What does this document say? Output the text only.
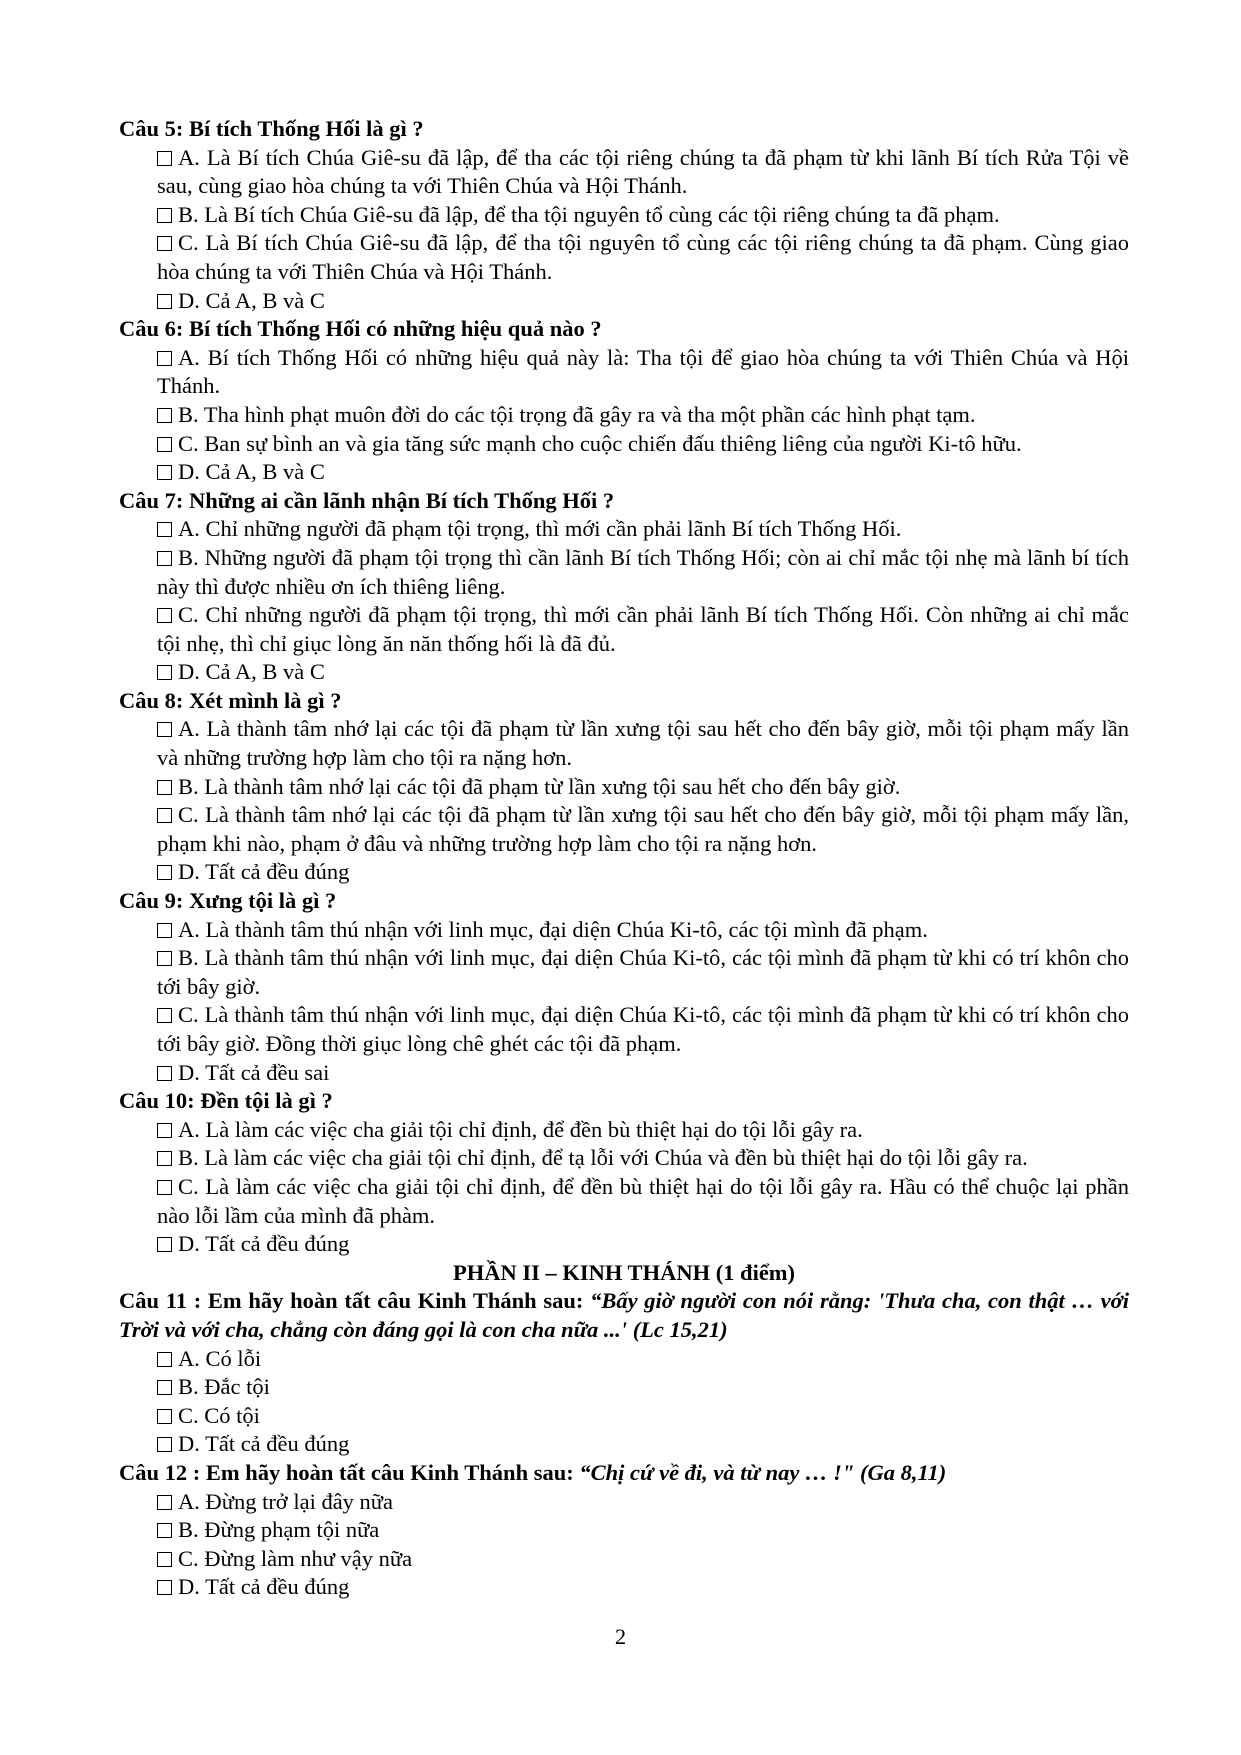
Câu 5: Bí tích Thống Hối là gì ?
A. Là Bí tích Chúa Giê-su đã lập, để tha các tội riêng chúng ta đã phạm từ khi lãnh Bí tích Rửa Tội về sau, cùng giao hòa chúng ta với Thiên Chúa và Hội Thánh.
B. Là Bí tích Chúa Giê-su đã lập, để tha tội nguyên tổ cùng các tội riêng chúng ta đã phạm.
C. Là Bí tích Chúa Giê-su đã lập, để tha tội nguyên tổ cùng các tội riêng chúng ta đã phạm. Cùng giao hòa chúng ta với Thiên Chúa và Hội Thánh.
D. Cả A, B và C
Câu 6: Bí tích Thống Hối có những hiệu quả nào ?
A. Bí tích Thống Hối có những hiệu quả này là: Tha tội để giao hòa chúng ta với Thiên Chúa và Hội Thánh.
B. Tha hình phạt muôn đời do các tội trọng đã gây ra và tha một phần các hình phạt tạm.
C. Ban sự bình an và gia tăng sức mạnh cho cuộc chiến đấu thiêng liêng của người Ki-tô hữu.
D. Cả A, B và C
Câu 7: Những ai cần lãnh nhận Bí tích Thống Hối ?
A. Chỉ những người đã phạm tội trọng, thì mới cần phải lãnh Bí tích Thống Hối.
B. Những người đã phạm tội trọng thì cần lãnh Bí tích Thống Hối; còn ai chỉ mắc tội nhẹ mà lãnh bí tích này thì được nhiều ơn ích thiêng liêng.
C. Chỉ những người đã phạm tội trọng, thì mới cần phải lãnh Bí tích Thống Hối. Còn những ai chỉ mắc tội nhẹ, thì chỉ giục lòng ăn năn thống hối là đã đủ.
D. Cả A, B và C
Câu 8: Xét mình là gì ?
A. Là thành tâm nhớ lại các tội đã phạm từ lần xưng tội sau hết cho đến bây giờ, mỗi tội phạm mấy lần và những trường hợp làm cho tội ra nặng hơn.
B. Là thành tâm nhớ lại các tội đã phạm từ lần xưng tội sau hết cho đến bây giờ.
C. Là thành tâm nhớ lại các tội đã phạm từ lần xưng tội sau hết cho đến bây giờ, mỗi tội phạm mấy lần, phạm khi nào, phạm ở đâu và những trường hợp làm cho tội ra nặng hơn.
D. Tất cả đều đúng
Câu 9: Xưng tội là gì ?
A. Là thành tâm thú nhận với linh mục, đại diện Chúa Ki-tô, các tội mình đã phạm.
B. Là thành tâm thú nhận với linh mục, đại diện Chúa Ki-tô, các tội mình đã phạm từ khi có trí khôn cho tới bây giờ.
C. Là thành tâm thú nhận với linh mục, đại diện Chúa Ki-tô, các tội mình đã phạm từ khi có trí khôn cho tới bây giờ. Đồng thời giục lòng chê ghét các tội đã phạm.
D. Tất cả đều sai
Câu 10: Đền tội là gì ?
A. Là làm các việc cha giải tội chỉ định, để đền bù thiệt hại do tội lỗi gây ra.
B. Là làm các việc cha giải tội chỉ định, để tạ lỗi với Chúa và đền bù thiệt hại do tội lỗi gây ra.
C. Là làm các việc cha giải tội chỉ định, để đền bù thiệt hại do tội lỗi gây ra. Hầu có thể chuộc lại phần nào lỗi lầm của mình đã phàm.
D. Tất cả đều đúng
PHẦN II – KINH THÁNH (1 điểm)
Câu 11 : Em hãy hoàn tất câu Kinh Thánh sau: “Bấy giờ người con nói rằng: 'Thưa cha, con thật … với Trời và với cha, chẳng còn đáng gọi là con cha nữa ...' (Lc 15,21)
A. Có lỗi
B. Đắc tội
C. Có tội
D. Tất cả đều đúng
Câu 12 : Em hãy hoàn tất câu Kinh Thánh sau: “Chị cứ về đi, và từ nay … !" (Ga 8,11)
A. Đừng trở lại đây nữa
B. Đừng phạm tội nữa
C. Đừng làm như vậy nữa
D. Tất cả đều đúng
2
